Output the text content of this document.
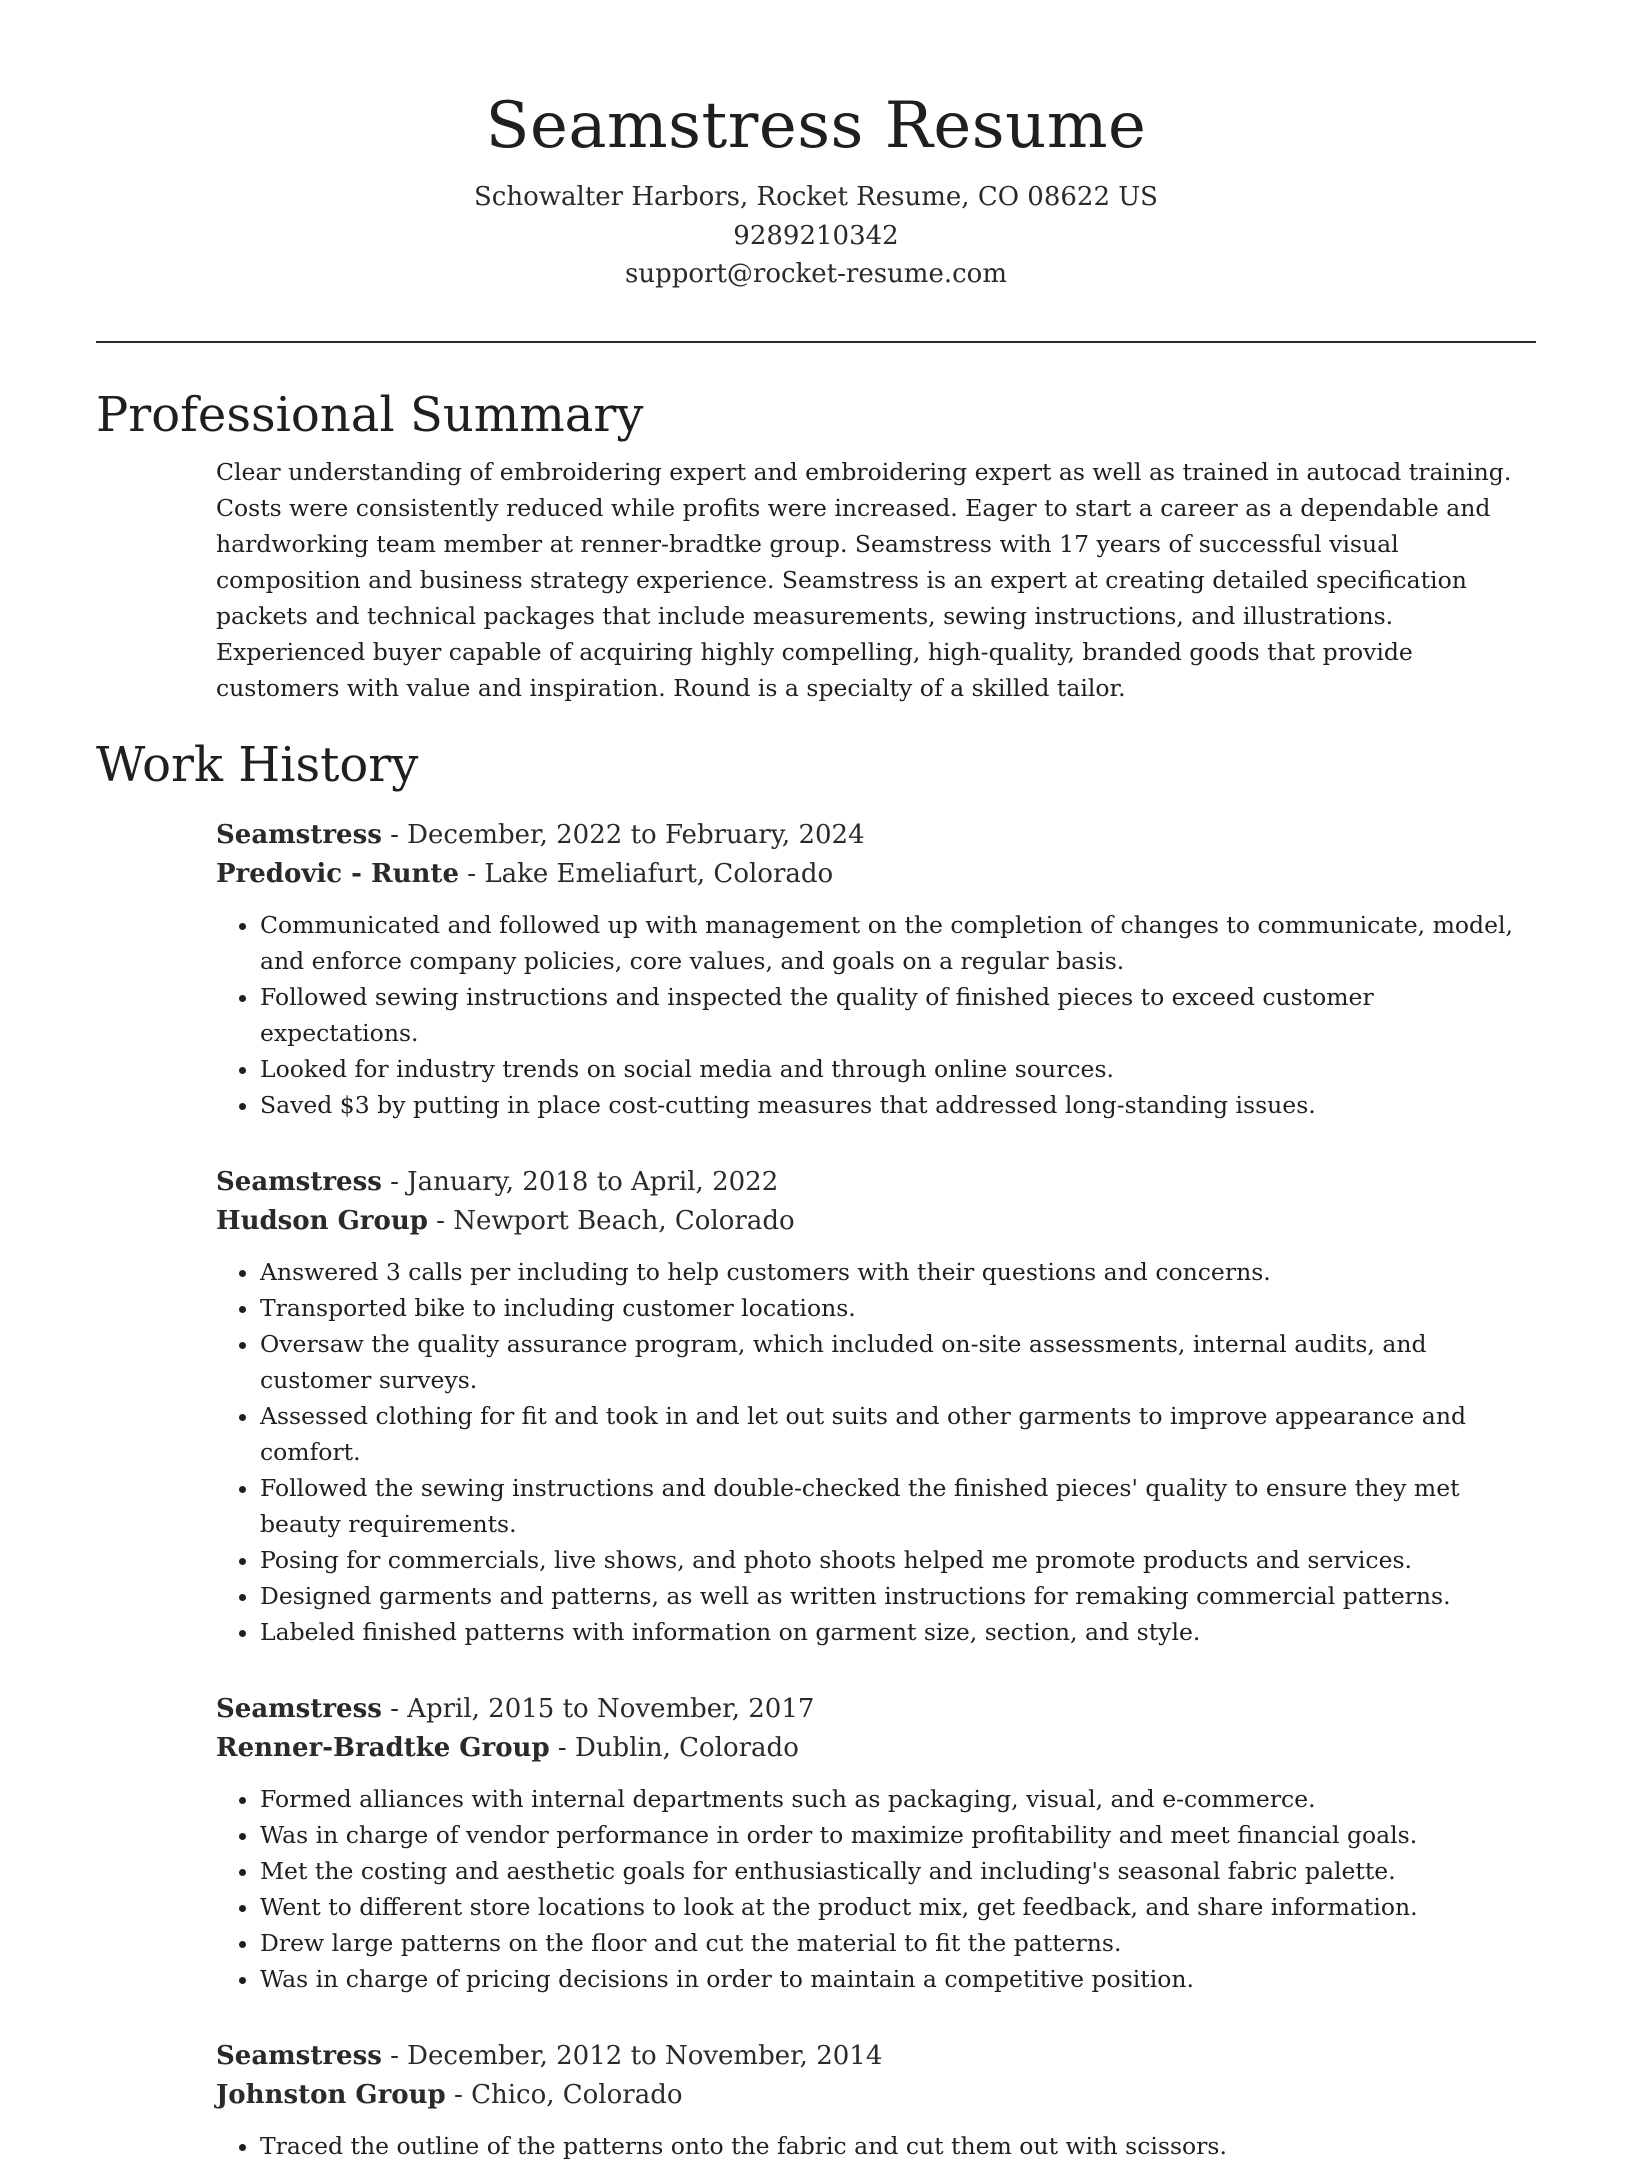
Seamstress Resume
Schowalter Harbors, Rocket Resume, CO 08622 US
9289210342
support@rocket-resume.com
Professional Summary

Clear understanding of embroidering expert and embroidering expert as well as trained in autocad training. Costs were consistently reduced while profits were increased. Eager to start a career as a dependable and hardworking team member at renner-bradtke group. Seamstress with 17 years of successful visual composition and business strategy experience. Seamstress is an expert at creating detailed specification packets and technical packages that include measurements, sewing instructions, and illustrations. Experienced buyer capable of acquiring highly compelling, high-quality, branded goods that provide customers with value and inspiration. Round is a specialty of a skilled tailor.

Work History
Seamstress - December, 2022 to February, 2024
Predovic - Runte - Lake Emeliafurt, Colorado
• Communicated and followed up with management on the completion of changes to communicate, model, and enforce company policies, core values, and goals on a regular basis.
• Followed sewing instructions and inspected the quality of finished pieces to exceed customer expectations.
• Looked for industry trends on social media and through online sources.
• Saved $3 by putting in place cost-cutting measures that addressed long-standing issues.
Seamstress - January, 2018 to April, 2022
Hudson Group - Newport Beach, Colorado
• Answered 3 calls per including to help customers with their questions and concerns.
• Transported bike to including customer locations.
• Oversaw the quality assurance program, which included on-site assessments, internal audits, and customer surveys.
• Assessed clothing for fit and took in and let out suits and other garments to improve appearance and comfort.
• Followed the sewing instructions and double-checked the finished pieces' quality to ensure they met beauty requirements.
• Posing for commercials, live shows, and photo shoots helped me promote products and services.
• Designed garments and patterns, as well as written instructions for remaking commercial patterns.
• Labeled finished patterns with information on garment size, section, and style.
Seamstress - April, 2015 to November, 2017
Renner-Bradtke Group - Dublin, Colorado
• Formed alliances with internal departments such as packaging, visual, and e-commerce.
• Was in charge of vendor performance in order to maximize profitability and meet financial goals.
• Met the costing and aesthetic goals for enthusiastically and including's seasonal fabric palette.
• Went to different store locations to look at the product mix, get feedback, and share information.
• Drew large patterns on the floor and cut the material to fit the patterns.
• Was in charge of pricing decisions in order to maintain a competitive position.
Seamstress - December, 2012 to November, 2014
Johnston Group - Chico, Colorado
• Traced the outline of the patterns onto the fabric and cut them out with scissors.
